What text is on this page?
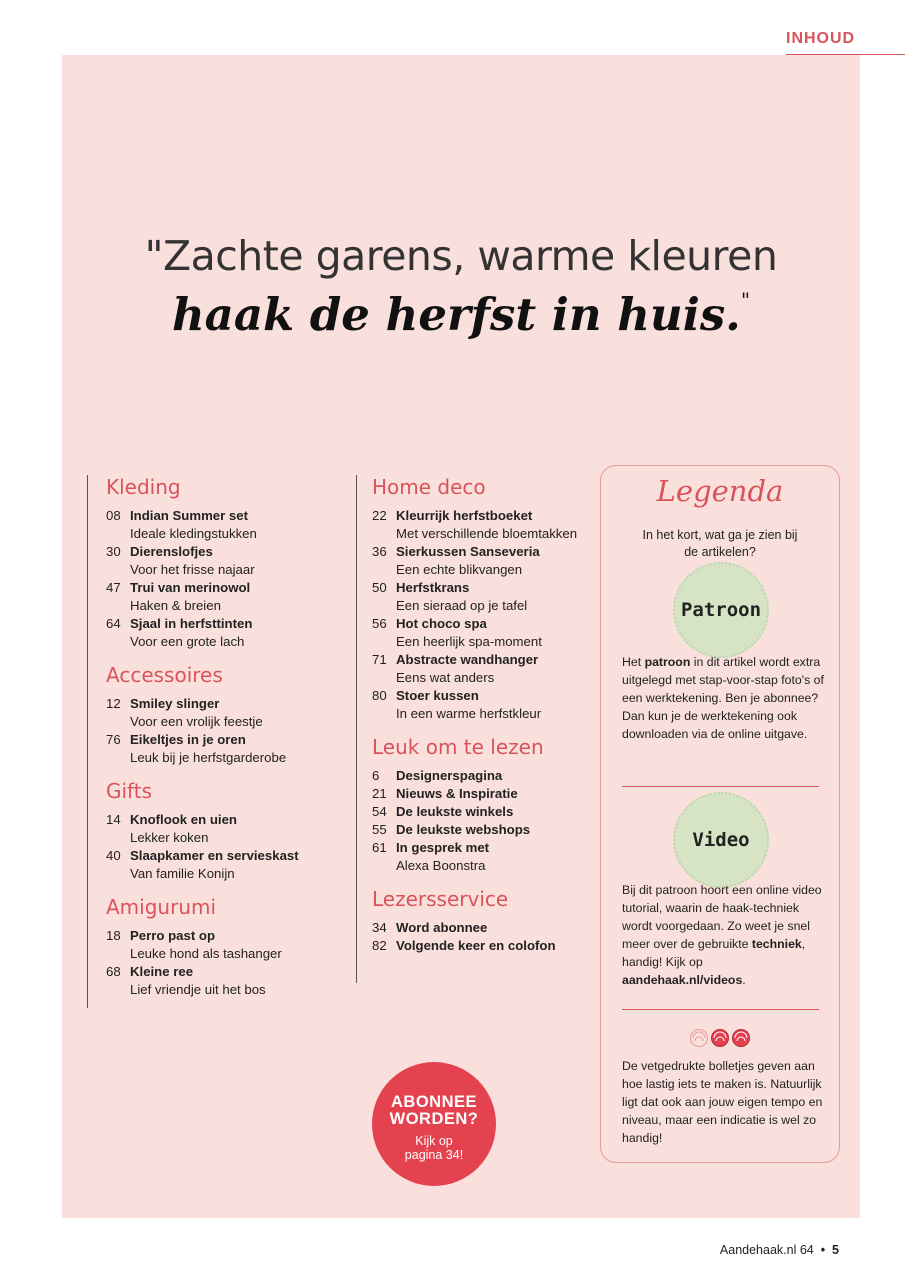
INHOUD
"Zachte garens, warme kleuren
haak de herfst in huis."
Kleding
08 Indian Summer set
Ideale kledingstukken
30 Dierenslofjes
Voor het frisse najaar
47 Trui van merinowol
Haken & breien
64 Sjaal in herfsttinten
Voor een grote lach
Accessoires
12 Smiley slinger
Voor een vrolijk feestje
76 Eikeltjes in je oren
Leuk bij je herfstgarderobe
Gifts
14 Knoflook en uien
Lekker koken
40 Slaapkamer en servieskast
Van familie Konijn
Amigurumi
18 Perro past op
Leuke hond als tashanger
68 Kleine ree
Lief vriendje uit het bos
Home deco
22 Kleurrijk herfstboeket
Met verschillende bloemtakken
36 Sierkussen Sanseveria
Een echte blikvangen
50 Herfstkrans
Een sieraad op je tafel
56 Hot choco spa
Een heerlijk spa-moment
71 Abstracte wandhanger
Eens wat anders
80 Stoer kussen
In een warme herfstkleur
Leuk om te lezen
6 Designerspagina
21 Nieuws & Inspiratie
54 De leukste winkels
55 De leukste webshops
61 In gesprek met
Alexa Boonstra
Lezersservice
34 Word abonnee
82 Volgende keer en colofon
Legenda
In het kort, wat ga je zien bij de artikelen?
Patroon
Het patroon in dit artikel wordt extra uitgelegd met stap-voor-stap foto's of een werktekening. Ben je abonnee? Dan kun je de werktekening ook downloaden via de online uitgave.
Video
Bij dit patroon hoort een online video tutorial, waarin de haak-techniek wordt voorgedaan. Zo weet je snel meer over de gebruikte techniek, handig! Kijk op aandehaak.nl/videos.
De vetgedrukte bolletjes geven aan hoe lastig iets te maken is. Natuurlijk ligt dat ook aan jouw eigen tempo en niveau, maar een indicatie is wel zo handig!
ABONNEE
WORDEN?
Kijk op
pagina 34!
Aandehaak.nl 64 • 5
